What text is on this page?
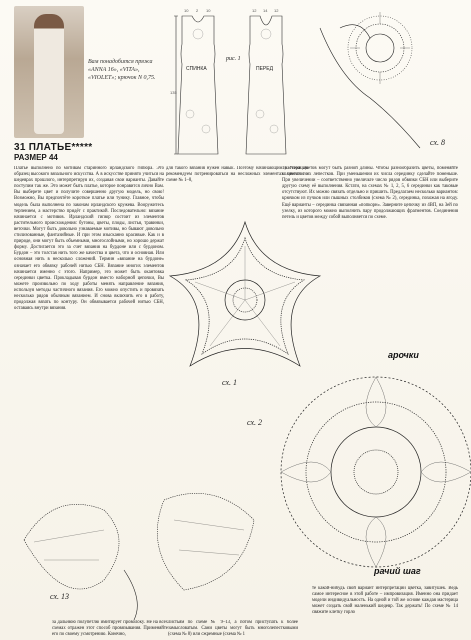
Вам понадобится пряжа «ANNA 16», «VITA», «VIOLET»; крючок N 0,75.
10 2 10	12 14 12
135
СПИНКА	ПЕРЕД
рис. 1
сх. 8
31 ПЛАТЬЕ*****
РАЗМЕР 44
Платье выполнено по мотивам старинного ирландского гипюра. Это образец высокого вязального искусства. А в искусстве принято учиться на шедеврах прошлого, интерпретируя их, создавая свои варианты. Давайте поступим так же. Это может быть платье, которое понравится лично Вам. Вы выберете цвет и получите совершенно другую модель, но свою! Возможно, Вы предпочтёте короткое платье или тунику. Главное, чтобы модель была выполнена по законам ирландского кружева. Вооружитесь терпением, а мастерство придёт с практикой. Последовательно: вязание начинается с мотивов. Ирландский гипюр состоит из элементов растительного происхождения: бутоны, цветы, плоды, листья, травинки, веточки. Могут быть довольно узнаваемые мотивы, но бывают довольно стилизованные, фантазийные. И при этом изысканно красивые. Как и в природе, они могут быть объемными, многослойными, но хорошо держат форму. Достигается это за счет вязания на бурдоне или с бурдоном. Бурдон – это толстая нить того же качества и цвета, что и основная. Или основная нить в несколько сложений. Термин «вязание на бурдоне» означает его обвязку рабочей нитью СБН. Вязание многих элементов начинается именно с этого. Например, это может быть окантовка серединки цветка. Прокладывая бурдон вместо наборной цепочки, Вы можете произвольно по ходу работы менять направление вязания, используя методы частичного вязания. Его можно опустить и провязать несколько рядов обычным вязанием. И снова включить его в работу, продолжая вязать по контуру. Он обвязывается рабочей нитью СБН, оставаясь внутри вязания.
для такого вязания нужен навык. Поэтому начинающим мастерицам рекомендуем потренироваться на несложных элементах: цветах по схеме № 1–8,
1). Усики цветов могут быть разной длины. Чтобы разнообразить цветы, поменяйте количество их лепестков. При уменьшении их числа серединку сделайте поменьше. При увеличении – соответственно увеличьте число рядов обвязки СБН или выберите другую схему её выполнения. Кстати, на схемах № 1, 2, 5, 6 серединки как таковые отсутствуют. Их можно связать отдельно и пришить. Предлагаем несколько вариантов: крючком из пучков или пышных столбиков (схема № 2), серединка, похожая на ягоду. Ещё варианты – серединка связанная «попкорн». Заверните цепочку из 4ВП, на 3ей по узелку, из которого можно выполнить пару продолжающих фрагментов. Соединения петель и цветов между собой выполняется по схеме.
сх. 1
сх. 2
арочки
рачий шаг
сх. 13
за дальнюю полупетлю имитирует проволоку. Не на всех схемах отражен этот способ провязывания. Применяйте его по своему усмотрению. Конечно,
листьям по схеме № 9–13, а потом приступать к более замысловатым. Сами цветы могут быть многолепестковыми (схема № 8) или сжремные (схема № 1
те какой-нибудь свой вариант интерпретации цветка, завитушек. Ведь самое интересное в этой работе – импровизация. Именно она придает модели индивидуальность. На одной и той же основе каждая мастерица может создать свой маленький шедевр. Так держать! По схеме № 14 свяжите клетку горло
